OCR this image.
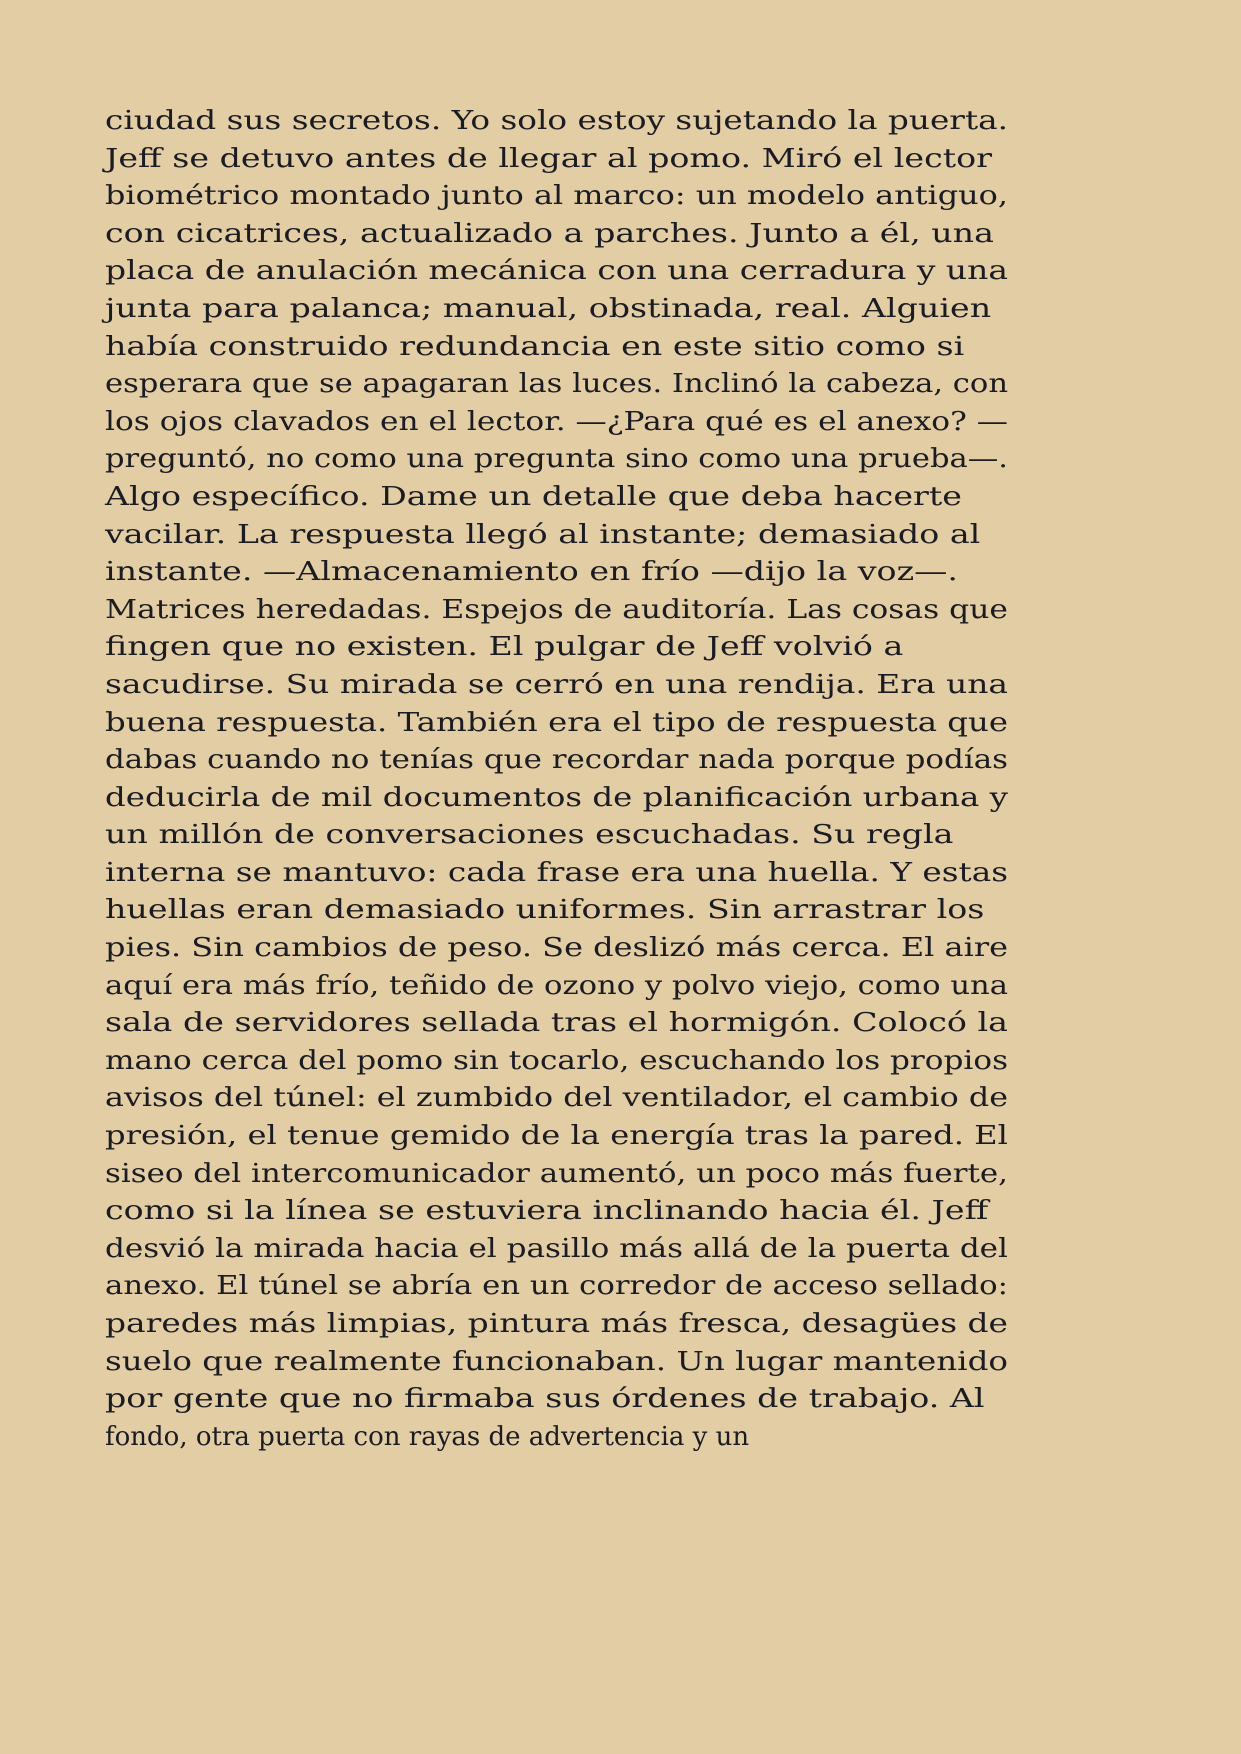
ciudad sus secretos. Yo solo estoy sujetando la puerta.
Jeff se detuvo antes de llegar al pomo. Miró el lector
biométrico montado junto al marco: un modelo antiguo,
con cicatrices, actualizado a parches. Junto a él, una
placa de anulación mecánica con una cerradura y una
junta para palanca; manual, obstinada, real. Alguien
había construido redundancia en este sitio como si
esperara que se apagaran las luces. Inclinó la cabeza, con
los ojos clavados en el lector. —¿Para qué es el anexo? —
preguntó, no como una pregunta sino como una prueba—.
Algo específico. Dame un detalle que deba hacerte
vacilar. La respuesta llegó al instante; demasiado al
instante. —Almacenamiento en frío —dijo la voz—.
Matrices heredadas. Espejos de auditoría. Las cosas que
fingen que no existen. El pulgar de Jeff volvió a
sacudirse. Su mirada se cerró en una rendija. Era una
buena respuesta. También era el tipo de respuesta que
dabas cuando no tenías que recordar nada porque podías
deducirla de mil documentos de planificación urbana y
un millón de conversaciones escuchadas. Su regla
interna se mantuvo: cada frase era una huella. Y estas
huellas eran demasiado uniformes. Sin arrastrar los
pies. Sin cambios de peso. Se deslizó más cerca. El aire
aquí era más frío, teñido de ozono y polvo viejo, como una
sala de servidores sellada tras el hormigón. Colocó la
mano cerca del pomo sin tocarlo, escuchando los propios
avisos del túnel: el zumbido del ventilador, el cambio de
presión, el tenue gemido de la energía tras la pared. El
siseo del intercomunicador aumentó, un poco más fuerte,
como si la línea se estuviera inclinando hacia él. Jeff
desvió la mirada hacia el pasillo más allá de la puerta del
anexo. El túnel se abría en un corredor de acceso sellado:
paredes más limpias, pintura más fresca, desagües de
suelo que realmente funcionaban. Un lugar mantenido
por gente que no firmaba sus órdenes de trabajo. Al
fondo, otra puerta con rayas de advertencia y un
